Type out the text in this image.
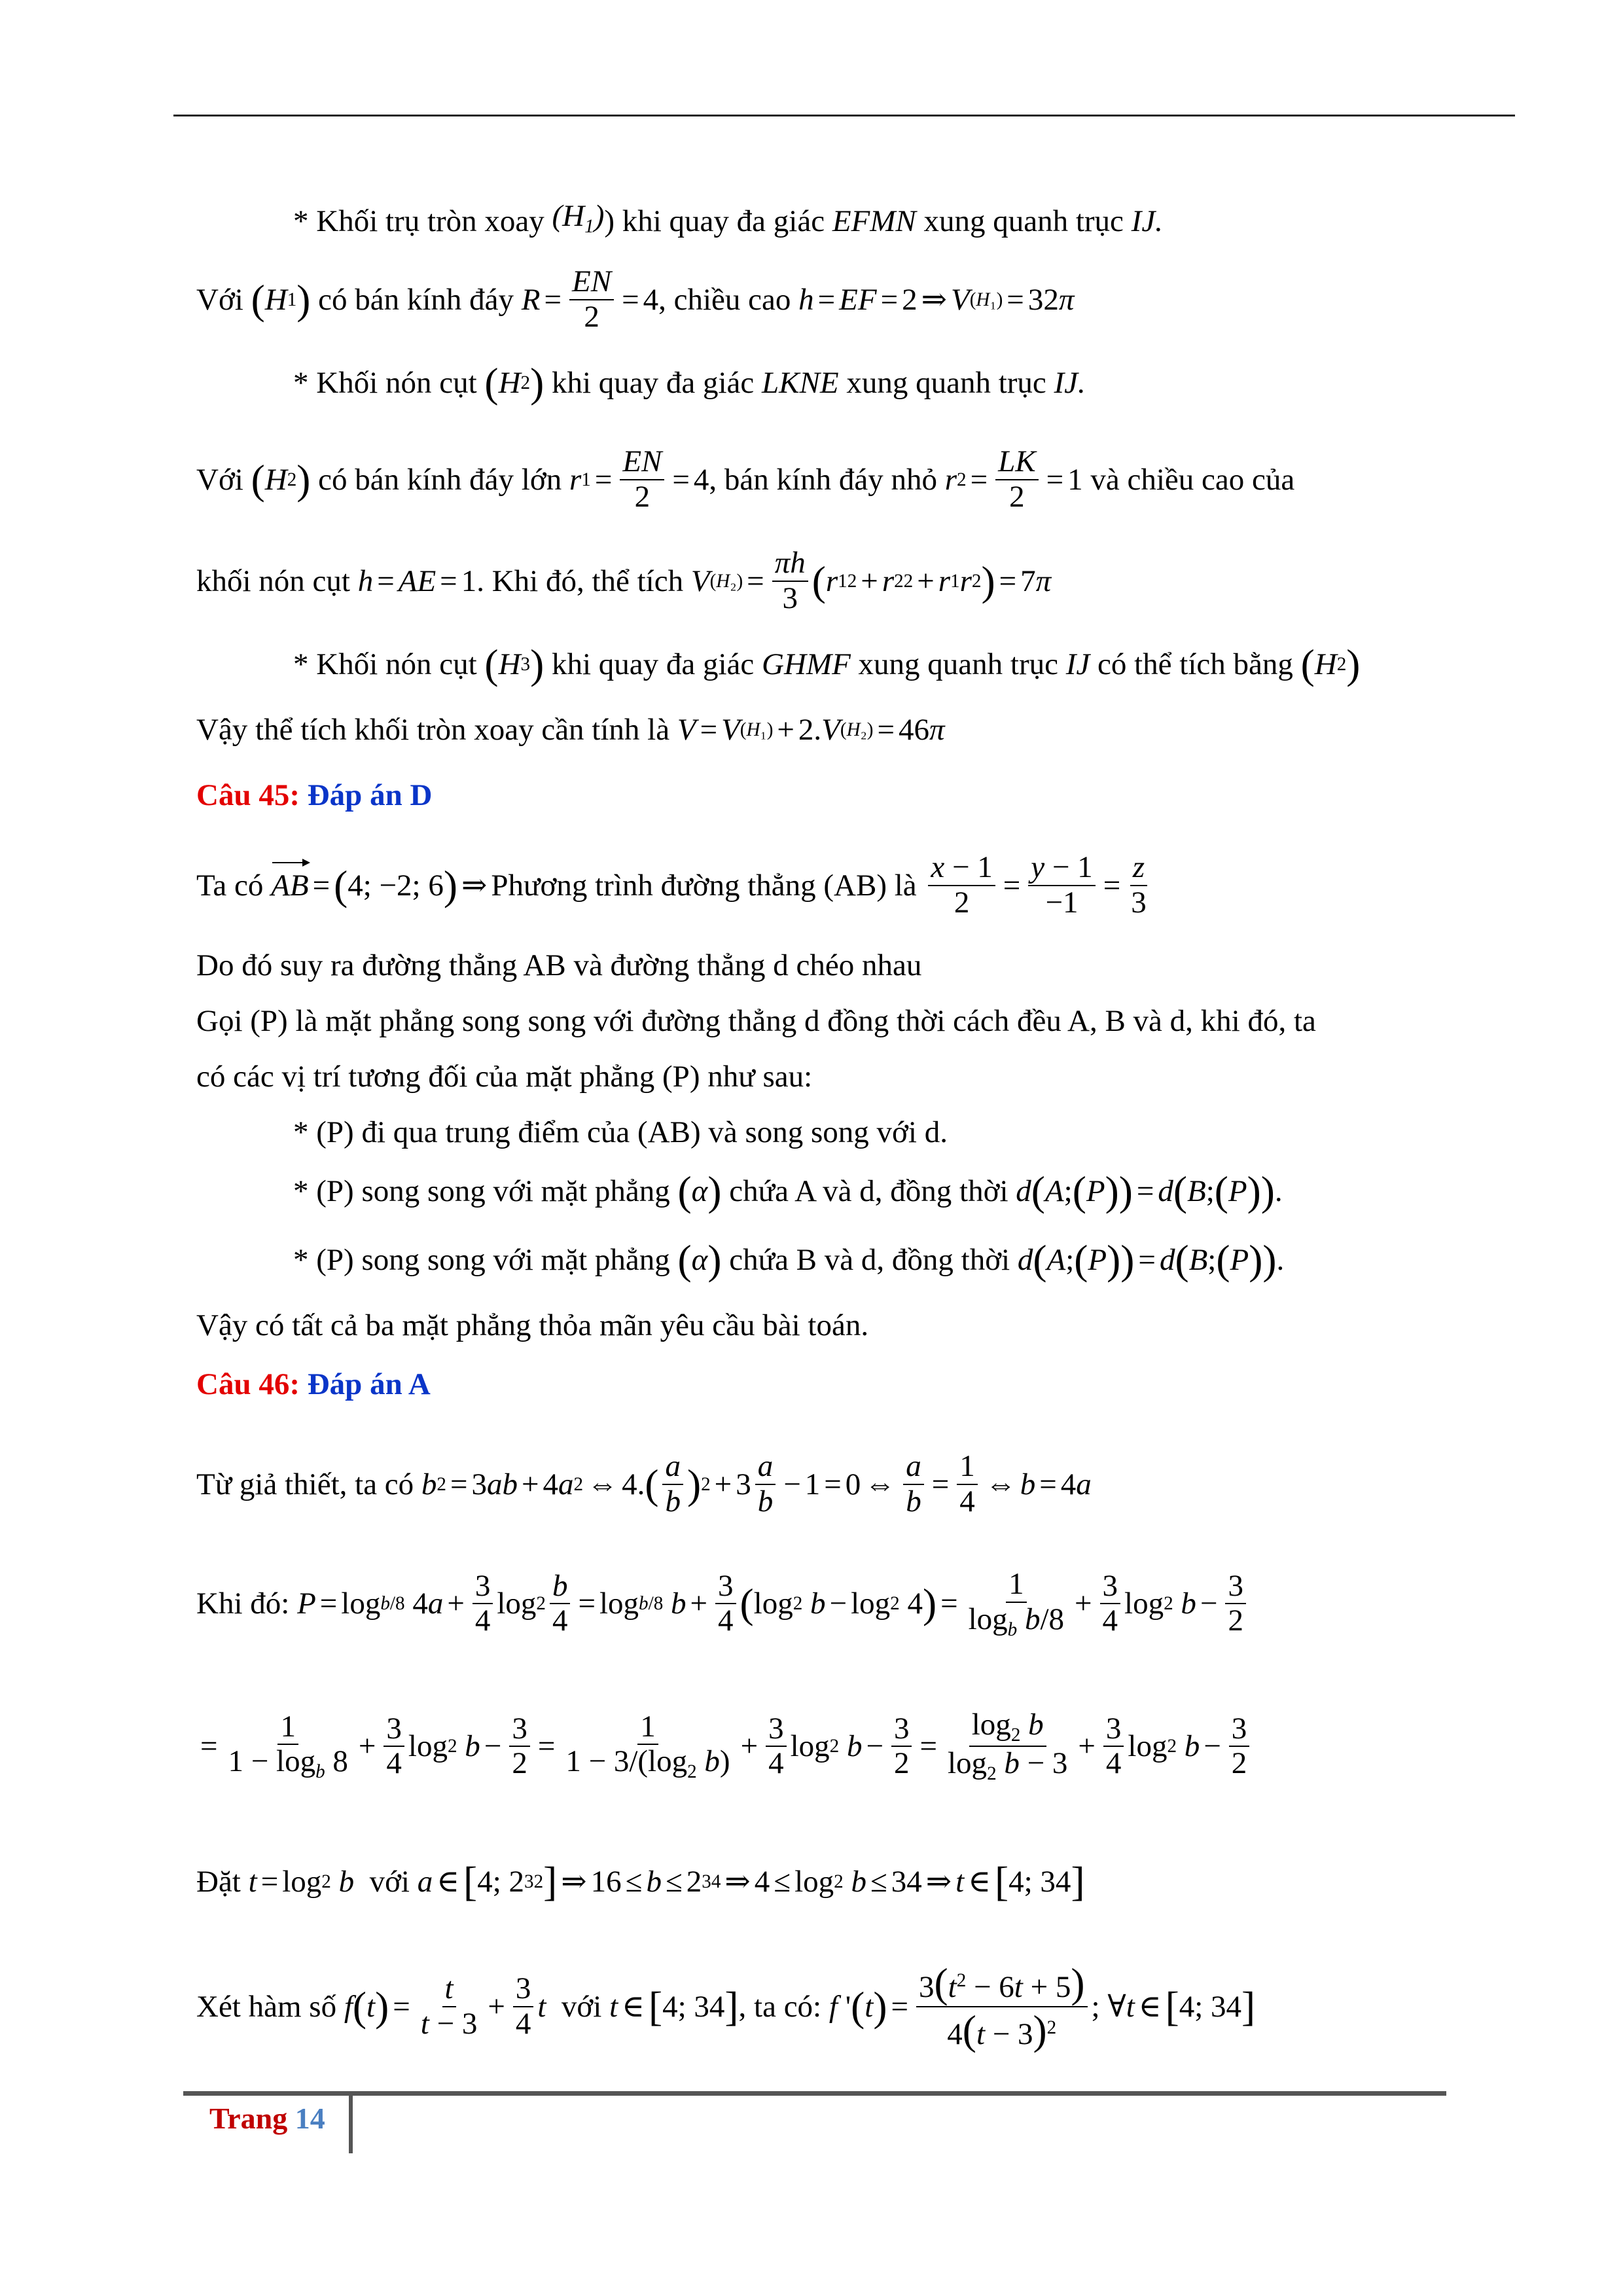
* Khối trụ tròn xoay
$(H_1)$ ) khi quay đa giác
EFMN
xung quanh trục
IJ.
Với
( H 1 )
có bán kính đáy
$R = \frac{EN}{2} = 4$ , chiều cao
h = EF = 2 ⇒ V (H₁) = 32 π
* Khối nón cụt
( H 2 )
khi quay đa giác
LKNE
xung quanh trục
IJ.
Với
( H 2 )
có bán kính đáy lớn
r $1 = \frac{EN}{2} = 4$ , bán kính đáy nhỏ
r $2 = \frac{LK}{2} = 1$ và chiều cao của
khối nón cụt
h = AE = 1 . Khi đó, thể tích
V $(H_2) = \frac{\pi h}{3}$ ( r 1 2 + r 2 2 + r 1 r 2 ) = 7 π
* Khối nón cụt
( H 3 )
khi quay đa giác
GHMF
xung quanh trục
IJ
có thể tích bằng
( H 2 )
Vậy thể tích khối tròn xoay cần tính là
V = V (H₁) + 2. V (H₂) = 46 π
Câu 45:
Đáp án D
Ta có
AB = ( 4; −2; 6 ) ⇒ Phương trình đường thẳng (AB) là
$\frac{x - 1}{2} = \frac{y - 1}{-1} = \frac{z}{3}$
Do đó suy ra đường thẳng AB và đường thẳng d chéo nhau
Gọi (P) là mặt phẳng song song với đường thẳng d đồng thời cách đều A, B và d, khi đó, ta
có các vị trí tương đối của mặt phẳng (P) như sau:
* (P) đi qua trung điểm của (AB) và song song với d.
* (P) song song với mặt phẳng
( α )
chứa A và d, đồng thời
d ( A ; ( P ) ) = d ( B ; ( P ) ) .
* (P) song song với mặt phẳng
( α )
chứa B và d, đồng thời
d ( A ; ( P ) ) = d ( B ; ( P ) ) .
Vậy có tất cả ba mặt phẳng thỏa mãn yêu cầu bài toán.
Câu 46:
Đáp án A
Từ giả thiết, ta có
b 2 = 3 ab + 4 a 2 ⇔ 4. ( $\frac{a}{b}$ ) $2 + 3 \frac{a}{b} - 1 = 0$ ⇔ $\frac{a}{b} = \frac{1}{4}$ ⇔ b = 4 a
Khi đó:
P = log b/8 4 $a + \frac{3}{4}$ $\log 2 \frac{b}{4} = \log b/8$
$b + \frac{3}{4}$ ( log 2
b − log 2 4 ) = $\frac{1}{\log_b b/8} + \frac{3}{4}$ log 2
$b - \frac{3}{2}$
= $\frac{1}{1 - \log_b 8} + \frac{3}{4}$ log 2
$b - \frac{3}{2} = \frac{1}{1 - 3/(\log_2 b)} + \frac{3}{4}$ log 2
$b - \frac{3}{2} = \frac{\log_2 b}{\log_2 b - 3} + \frac{3}{4}$ log 2
$b - \frac{3}{2}$
Đặt
t = log 2
b
với
a ∈ [ 4; 2 32 ] ⇒ 16 ≤ b ≤ 2 34 ⇒ 4 ≤ log 2
b ≤ 34 ⇒ t ∈ [ 4; 34 ]
Xét hàm số
f ( t ) = $\frac{t}{t - 3} + \frac{3}{4}$ t
với
t ∈ [ 4; 34 ] , ta có:
f ' ( t ) = $\frac{3(t^2 - 6t + 5)}{4(t - 3)^2}$ ; ∀ t ∈ [ 4; 34 ]
Trang 14
